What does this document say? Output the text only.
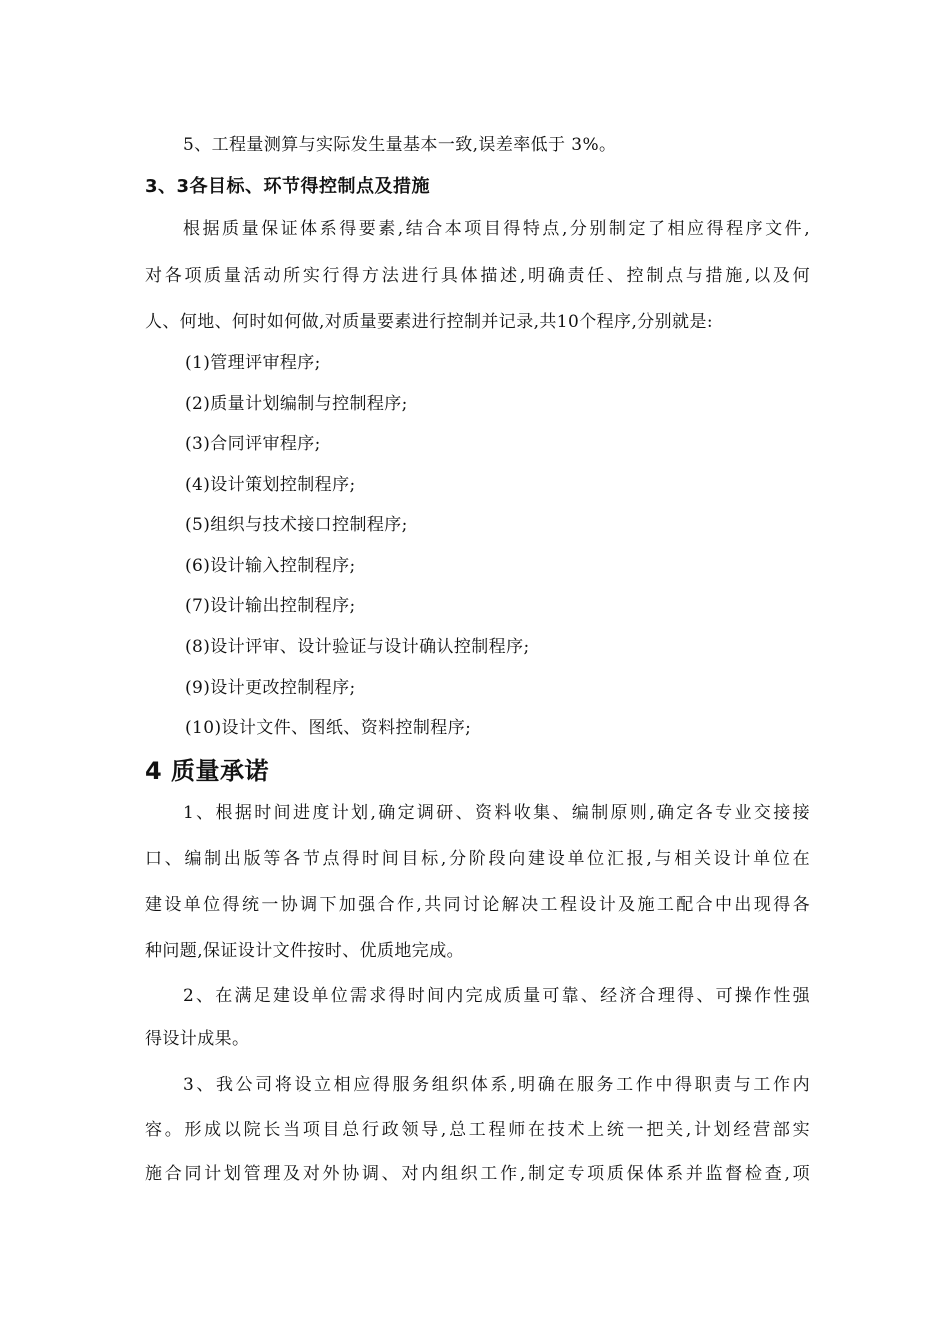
5、工程量测算与实际发生量基本一致,误差率低于 3%。
3、3各目标、环节得控制点及措施
根据质量保证体系得要素,结合本项目得特点,分别制定了相应得程序文件,
对各项质量活动所实行得方法进行具体描述,明确责任、控制点与措施,以及何
人、何地、何时如何做,对质量要素进行控制并记录,共10个程序,分别就是:
(1)管理评审程序;
(2)质量计划编制与控制程序;
(3)合同评审程序;
(4)设计策划控制程序;
(5)组织与技术接口控制程序;
(6)设计输入控制程序;
(7)设计输出控制程序;
(8)设计评审、设计验证与设计确认控制程序;
(9)设计更改控制程序;
(10)设计文件、图纸、资料控制程序;
4 质量承诺
1、根据时间进度计划,确定调研、资料收集、编制原则,确定各专业交接接
口、编制出版等各节点得时间目标,分阶段向建设单位汇报,与相关设计单位在
建设单位得统一协调下加强合作,共同讨论解决工程设计及施工配合中出现得各
种问题,保证设计文件按时、优质地完成。
2、在满足建设单位需求得时间内完成质量可靠、经济合理得、可操作性强
得设计成果。
3、我公司将设立相应得服务组织体系,明确在服务工作中得职责与工作内
容。形成以院长当项目总行政领导,总工程师在技术上统一把关,计划经营部实
施合同计划管理及对外协调、对内组织工作,制定专项质保体系并监督检查,项
